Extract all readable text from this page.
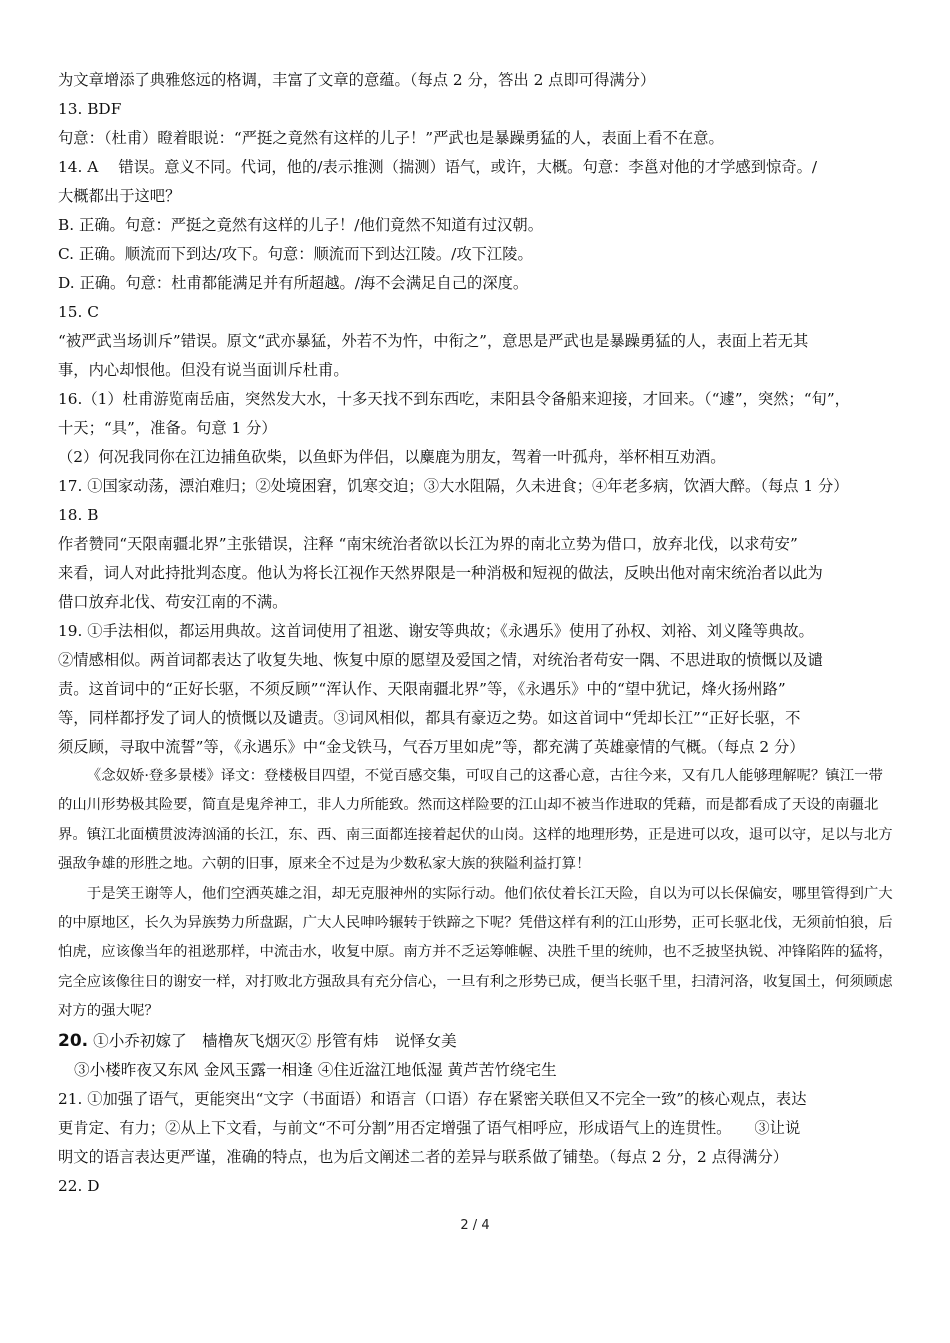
为文章增添了典雅悠远的格调，丰富了文章的意蕴。（每点 2 分，答出 2 点即可得满分）
13. BDF
句意：（杜甫）瞪着眼说：“严挺之竟然有这样的儿子！”严武也是暴躁勇猛的人，表面上看不在意。
14. A　 错误。意义不同。代词，他的/表示推测（揣测）语气，或许，大概。句意：李邕对他的才学感到惊奇。/
大概都出于这吧？
B. 正确。句意：严挺之竟然有这样的儿子！/他们竟然不知道有过汉朝。
C. 正确。顺流而下到达/攻下。句意：顺流而下到达江陵。/攻下江陵。
D. 正确。句意：杜甫都能满足并有所超越。/海不会满足自己的深度。
15. C
“被严武当场训斥”错误。原文“武亦暴猛，外若不为忤，中衔之”，意思是严武也是暴躁勇猛的人，表面上若无其
事，内心却恨他。但没有说当面训斥杜甫。
16.（1）杜甫游览南岳庙，突然发大水，十多天找不到东西吃，耒阳县令备船来迎接，才回来。（“遽”，突然；“旬”，
十天；“具”，准备。句意 1 分）
（2）何况我同你在江边捕鱼砍柴，以鱼虾为伴侣，以麋鹿为朋友，驾着一叶孤舟，举杯相互劝酒。
17. ①国家动荡，漂泊难归；②处境困窘，饥寒交迫；③大水阻隔，久未进食；④年老多病，饮酒大醉。（每点 1 分）
18. B
作者赞同“天限南疆北界”主张错误，注释 “南宋统治者欲以长江为界的南北立势为借口，放弃北伐，以求苟安”
来看，词人对此持批判态度。他认为将长江视作天然界限是一种消极和短视的做法，反映出他对南宋统治者以此为
借口放弃北伐、苟安江南的不满。
19. ①手法相似，都运用典故。这首词使用了祖逖、谢安等典故；《永遇乐》使用了孙权、刘裕、刘义隆等典故。
②情感相似。两首词都表达了收复失地、恢复中原的愿望及爱国之情，对统治者苟安一隅、不思进取的愤慨以及谴
责。这首词中的“正好长驱，不须反顾”“浑认作、天限南疆北界”等，《永遇乐》中的“望中犹记，烽火扬州路”
等，同样都抒发了词人的愤慨以及谴责。③词风相似，都具有豪迈之势。如这首词中“凭却长江”“正好长驱，不
须反顾，寻取中流誓”等，《永遇乐》中“金戈铁马，气吞万里如虎”等，都充满了英雄豪情的气概。（每点 2 分）
《念奴娇·登多景楼》译文：登楼极目四望，不觉百感交集，可叹自己的这番心意，古往今来，又有几人能够理解呢？镇江一带的山川形势极其险要，简直是鬼斧神工，非人力所能致。然而这样险要的江山却不被当作进取的凭藉，而是都看成了天设的南疆北界。镇江北面横贯波涛汹涌的长江，东、西、南三面都连接着起伏的山岗。这样的地理形势，正是进可以攻，退可以守，足以与北方强敌争雄的形胜之地。六朝的旧事，原来全不过是为少数私家大族的狭隘利益打算！
于是笑王谢等人，他们空洒英雄之泪，却无克服神州的实际行动。他们依仗着长江天险，自以为可以长保偏安，哪里管得到广大的中原地区，长久为异族势力所盘踞，广大人民呻吟辗转于铁蹄之下呢？凭借这样有利的江山形势，正可长驱北伐，无须前怕狼，后怕虎，应该像当年的祖逖那样，中流击水，收复中原。南方并不乏运筹帷幄、决胜千里的统帅，也不乏披坚执锐、冲锋陷阵的猛将，完全应该像往日的谢安一样，对打败北方强敌具有充分信心，一旦有利之形势已成，便当长驱千里，扫清河洛，收复国土，何须顾虑对方的强大呢？
20. ①小乔初嫁了　樯橹灰飞烟灭② 彤管有炜　说怿女美
③小楼昨夜又东风 金风玉露一相逢 ④住近湓江地低湿 黄芦苦竹绕宅生
21. ①加强了语气，更能突出“文字（书面语）和语言（口语）存在紧密关联但又不完全一致”的核心观点，表达
更肯定、有力；②从上下文看，与前文“不可分割”用否定增强了语气相呼应，形成语气上的连贯性。　　③让说
明文的语言表达更严谨，准确的特点，也为后文阐述二者的差异与联系做了铺垫。（每点 2 分，2 点得满分）
22. D
2 / 4
